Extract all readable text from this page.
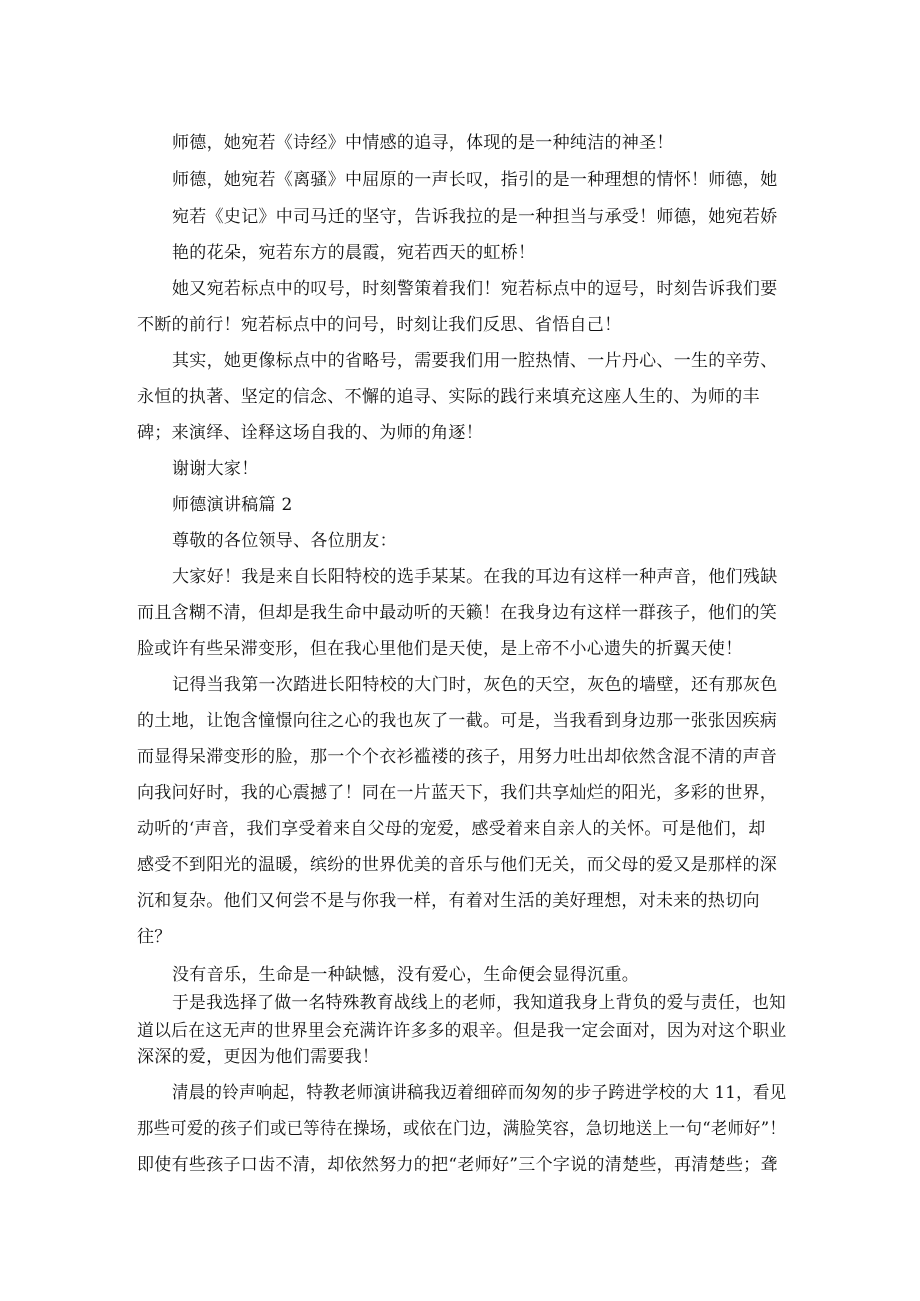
师德，她宛若《诗经》中情感的追寻，体现的是一种纯洁的神圣！

师德，她宛若《离骚》中屈原的一声长叹，指引的是一种理想的情怀！师德，她

宛若《史记》中司马迁的坚守，告诉我拉的是一种担当与承受！师德，她宛若娇

艳的花朵，宛若东方的晨霞，宛若西天的虹桥！

她又宛若标点中的叹号，时刻警策着我们！宛若标点中的逗号，时刻告诉我们要

不断的前行！宛若标点中的问号，时刻让我们反思、省悟自己！

其实，她更像标点中的省略号，需要我们用一腔热情、一片丹心、一生的辛劳、

永恒的执著、坚定的信念、不懈的追寻、实际的践行来填充这座人生的、为师的丰

碑；来演绎、诠释这场自我的、为师的角逐！

谢谢大家！

师德演讲稿篇 2

尊敬的各位领导、各位朋友：

大家好！我是来自长阳特校的选手某某。在我的耳边有这样一种声音，他们残缺

而且含糊不清，但却是我生命中最动听的天籁！在我身边有这样一群孩子，他们的笑

脸或许有些呆滞变形，但在我心里他们是天使，是上帝不小心遗失的折翼天使！

记得当我第一次踏进长阳特校的大门时，灰色的天空，灰色的墙壁，还有那灰色

的土地，让饱含憧憬向往之心的我也灰了一截。可是，当我看到身边那一张张因疾病

而显得呆滞变形的脸，那一个个衣衫褴褛的孩子，用努力吐出却依然含混不清的声音

向我问好时，我的心震撼了！同在一片蓝天下，我们共享灿烂的阳光，多彩的世界，

动听的‘声音，我们享受着来自父母的宠爱，感受着来自亲人的关怀。可是他们，却

感受不到阳光的温暖，缤纷的世界优美的音乐与他们无关，而父母的爱又是那样的深

沉和复杂。他们又何尝不是与你我一样，有着对生活的美好理想，对未来的热切向

往？

没有音乐，生命是一种缺憾，没有爱心，生命便会显得沉重。

于是我选择了做一名特殊教育战线上的老师，我知道我身上背负的爱与责任，也知

道以后在这无声的世界里会充满许许多多的艰辛。但是我一定会面对，因为对这个职业

深深的爱，更因为他们需要我！

清晨的铃声响起，特教老师演讲稿我迈着细碎而匆匆的步子跨进学校的大 11，看见

那些可爱的孩子们或已等待在操场，或依在门边，满脸笑容，急切地送上一句“老师好”！

即使有些孩子口齿不清，却依然努力的把“老师好”三个字说的清楚些，再清楚些；聋
